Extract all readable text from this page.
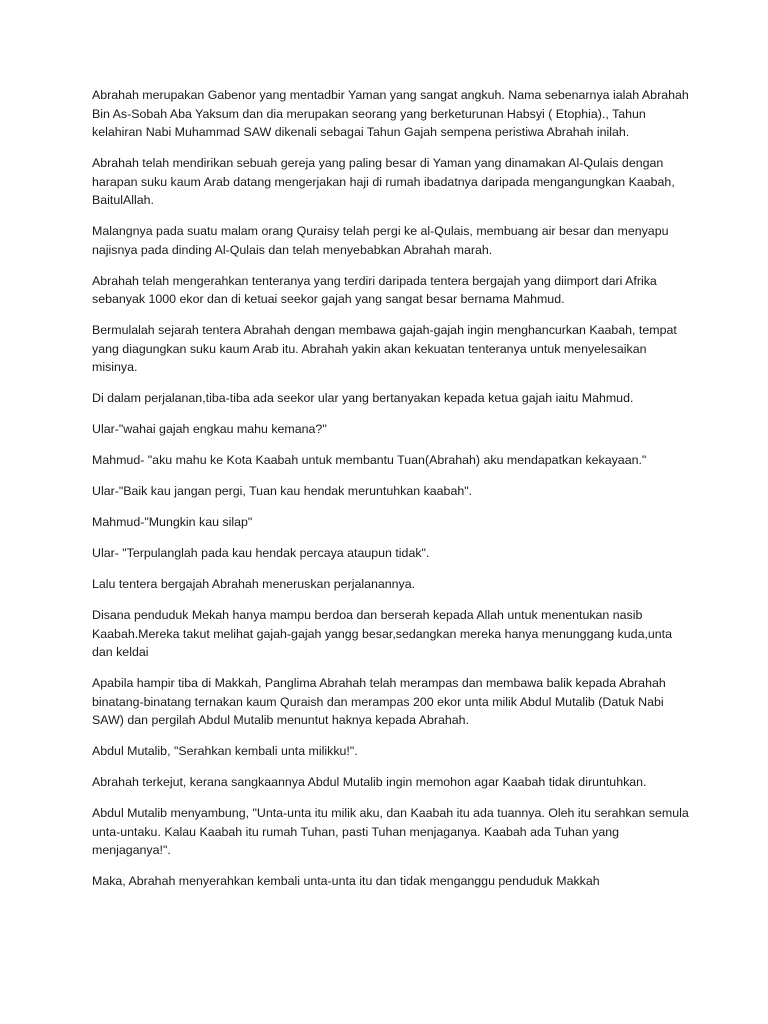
Abrahah merupakan Gabenor yang mentadbir Yaman yang sangat angkuh. Nama sebenarnya ialah Abrahah Bin As-Sobah Aba Yaksum dan dia merupakan seorang yang berketurunan Habsyi ( Etophia)., Tahun kelahiran Nabi Muhammad SAW dikenali sebagai Tahun Gajah sempena peristiwa Abrahah inilah.

Abrahah telah mendirikan sebuah gereja yang paling besar di Yaman yang dinamakan Al-Qulais dengan harapan suku kaum Arab datang mengerjakan haji di rumah ibadatnya daripada mengangungkan Kaabah, BaitulAllah.

Malangnya pada suatu malam orang Quraisy telah pergi ke al-Qulais, membuang air besar dan menyapu najisnya pada dinding Al-Qulais dan telah menyebabkan Abrahah marah.

Abrahah telah mengerahkan tenteranya yang terdiri daripada tentera bergajah yang diimport dari Afrika sebanyak 1000 ekor dan di ketuai seekor gajah yang sangat besar bernama Mahmud.

Bermulalah sejarah tentera Abrahah dengan membawa gajah-gajah ingin menghancurkan Kaabah, tempat yang diagungkan suku kaum Arab itu. Abrahah yakin akan kekuatan tenteranya untuk menyelesaikan misinya.

Di dalam perjalanan,tiba-tiba ada seekor ular yang bertanyakan kepada ketua gajah iaitu Mahmud.

Ular-"wahai gajah engkau mahu kemana?"

Mahmud- "aku mahu ke Kota Kaabah untuk membantu Tuan(Abrahah) aku mendapatkan kekayaan."

Ular-"Baik kau jangan pergi, Tuan kau hendak meruntuhkan kaabah".

Mahmud-"Mungkin kau silap"

Ular- "Terpulanglah pada kau hendak percaya ataupun tidak".

Lalu tentera bergajah Abrahah meneruskan perjalanannya.

Disana penduduk Mekah hanya mampu berdoa dan berserah kepada Allah untuk menentukan nasib Kaabah.Mereka takut melihat gajah-gajah yangg besar,sedangkan mereka hanya menunggang kuda,unta dan keldai

Apabila hampir tiba di Makkah, Panglima Abrahah telah merampas dan membawa balik kepada Abrahah binatang-binatang ternakan kaum Quraish dan merampas 200 ekor unta milik Abdul Mutalib (Datuk Nabi SAW) dan pergilah Abdul Mutalib menuntut haknya kepada Abrahah.

Abdul Mutalib, "Serahkan kembali unta milikku!".

Abrahah terkejut, kerana sangkaannya Abdul Mutalib ingin memohon agar Kaabah tidak diruntuhkan.

Abdul Mutalib menyambung, "Unta-unta itu milik aku, dan Kaabah itu ada tuannya. Oleh itu serahkan semula unta-untaku. Kalau Kaabah itu rumah Tuhan, pasti Tuhan menjaganya. Kaabah ada Tuhan yang menjaganya!".

Maka, Abrahah menyerahkan kembali unta-unta itu dan tidak menganggu penduduk Makkah
